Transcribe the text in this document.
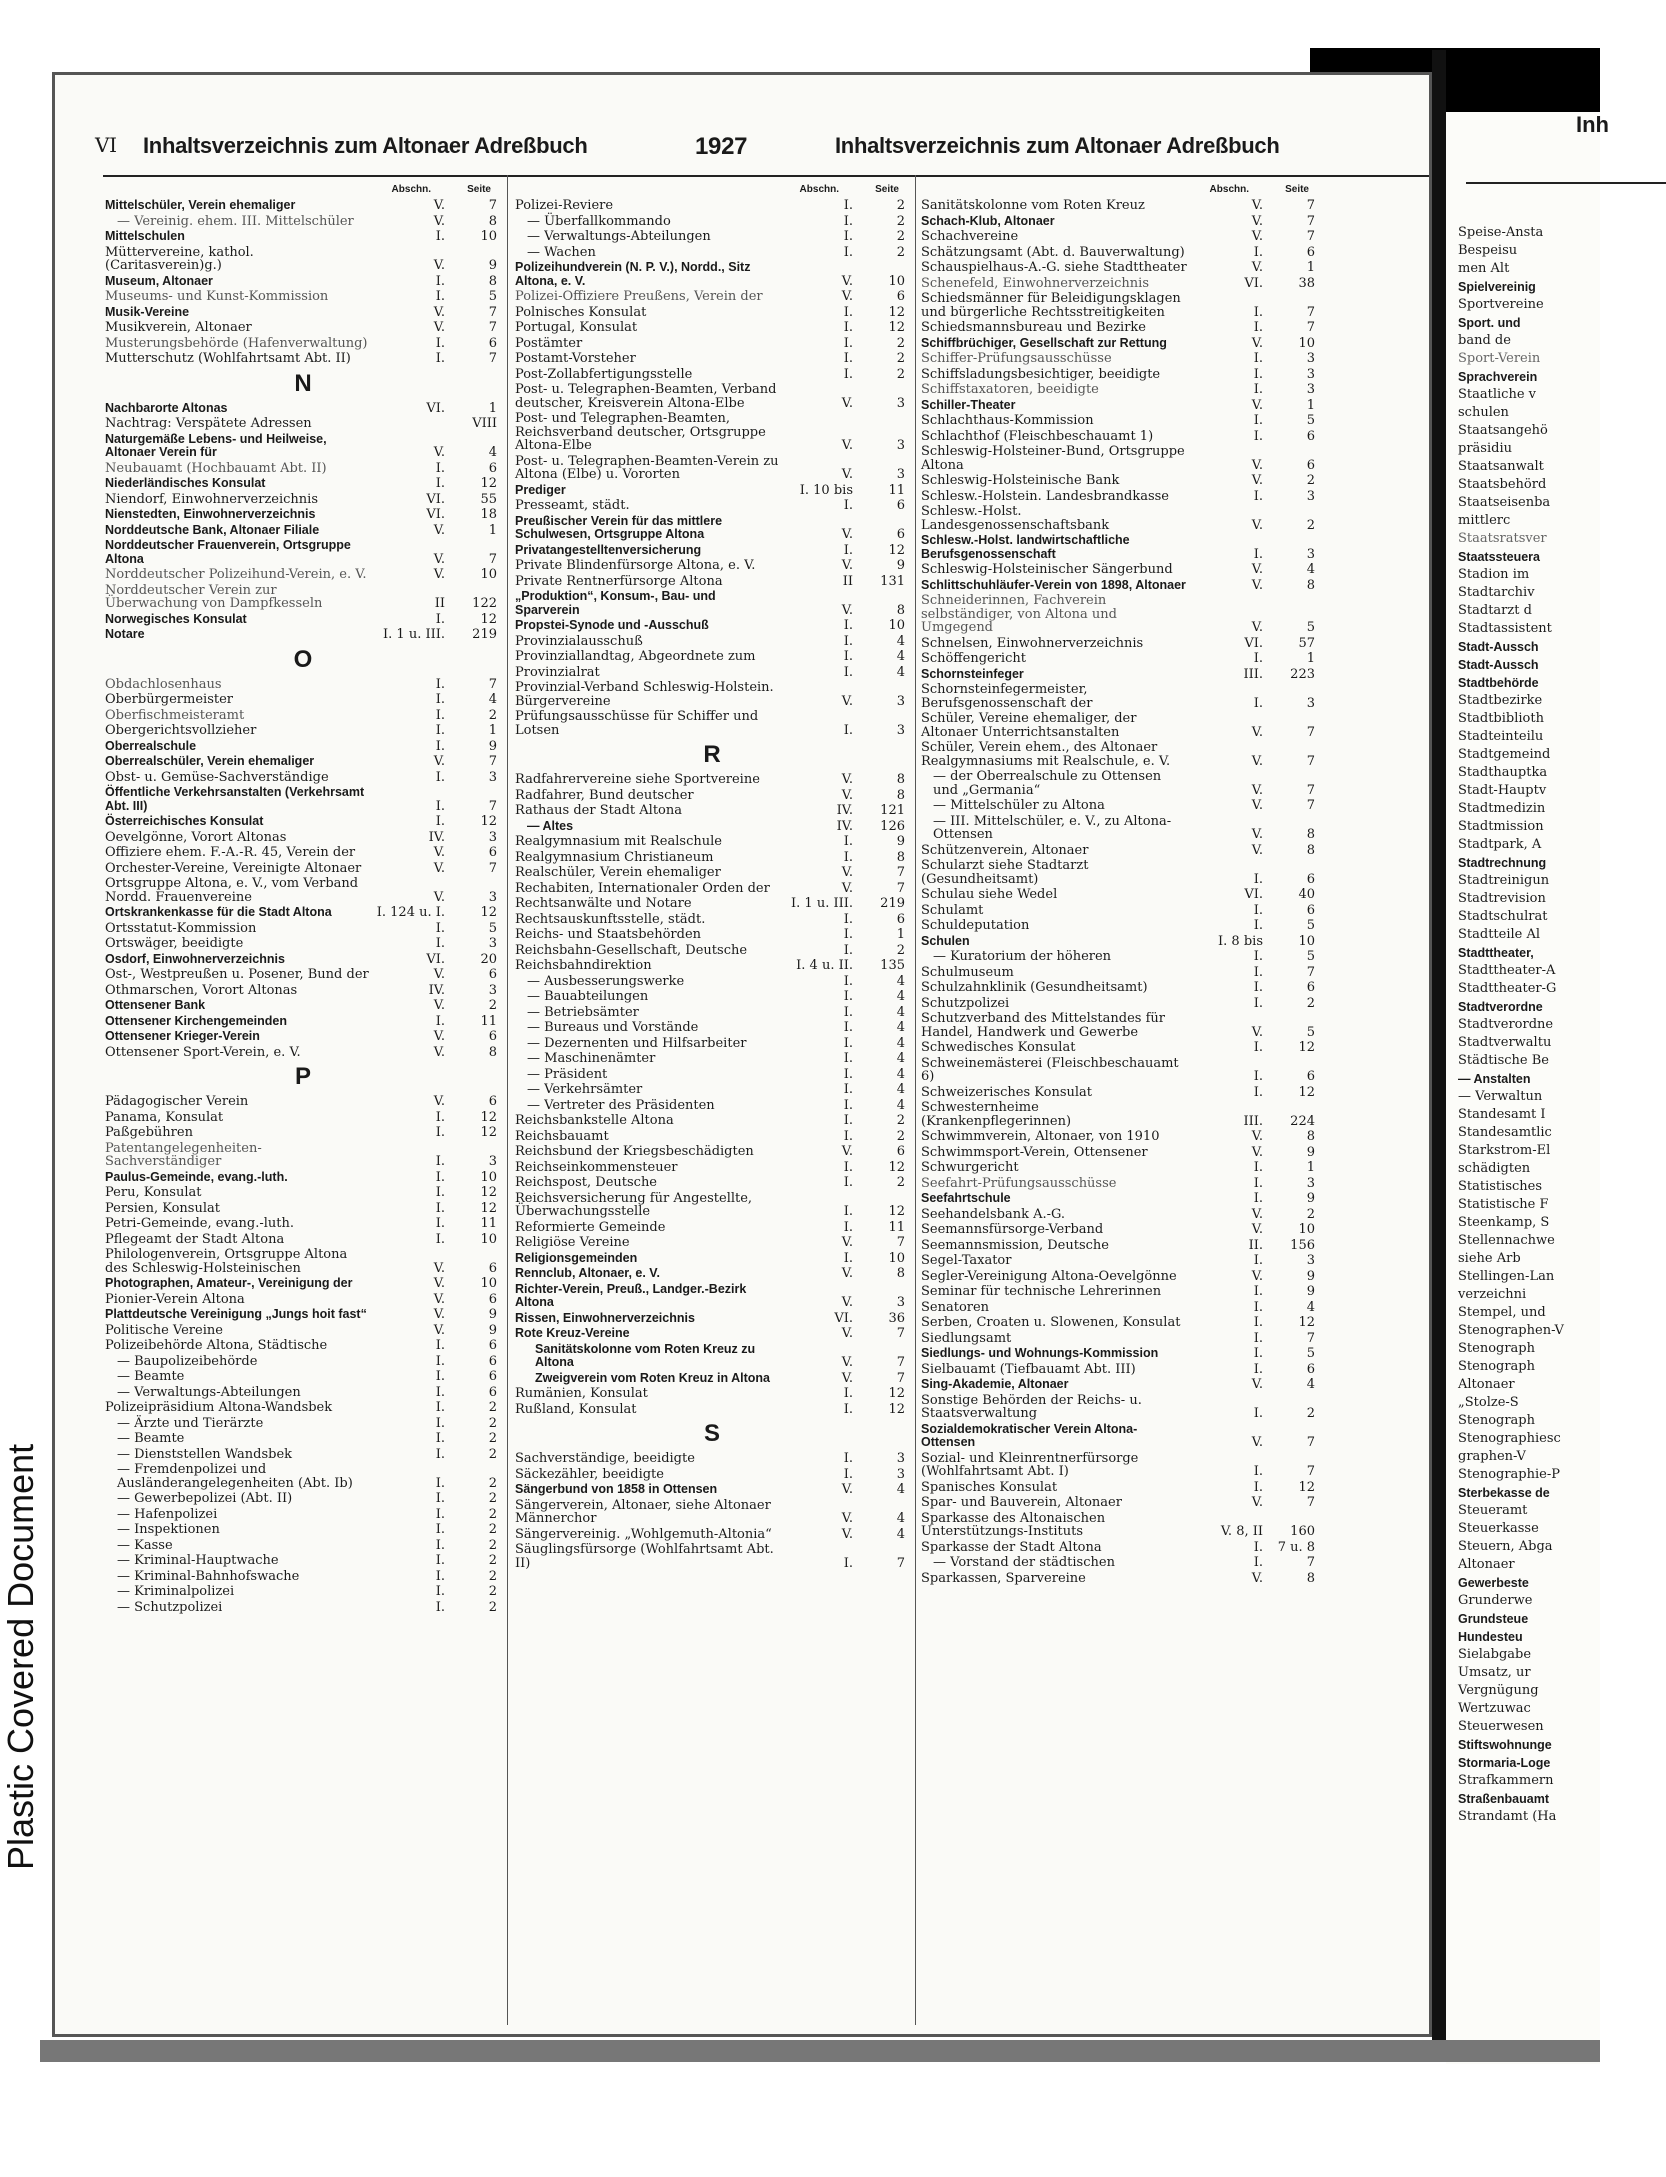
Plastic Covered Document
Inh
Speise-Ansta
Bespeisu
men Alt
Spielvereinig
Sportvereine
Sport. und
band de
Sport-Verein
Sprachverein
Staatliche v
schulen
Staatsangehö
präsidiu
Staatsanwalt
Staatsbehörd
Staatseisenba
mittlerc
Staatsratsver
Staatssteuera
Stadion im
Stadtarchiv
Stadtarzt d
Stadtassistent
Stadt-Aussch
Stadt-Aussch
Stadtbehörde
Stadtbezirke
Stadtbiblioth
Stadteinteilu
Stadtgemeind
Stadthauptka
Stadt-Hauptv
Stadtmedizin
Stadtmission
Stadtpark, A
Stadtrechnung
Stadtreinigun
Stadtrevision
Stadtschulrat
Stadtteile Al
Stadttheater,
Stadttheater-A
Stadttheater-G
Stadtverordne
Stadtverordne
Stadtverwaltu
Städtische Be
— Anstalten
— Verwaltun
Standesamt I
Standesamtlic
Starkstrom-El
schädigten
Statistisches
Statistische F
Steenkamp, S
Stellennachwe
siehe Arb
Stellingen-Lan
verzeichni
Stempel, und
Stenographen-V
Stenograph
Stenograph
Altonaer
„Stolze-S
Stenograph
Stenographiesc
graphen-V
Stenographie-P
Sterbekasse de
Steueramt
Steuerkasse
Steuern, Abga
Altonaer
Gewerbeste
Grunderwe
Grundsteue
Hundesteu
Sielabgabe
Umsatz, ur
Vergnügung
Wertzuwac
Steuerwesen
Stiftswohnunge
Stormaria-Loge
Strafkammern
Straßenbauamt
Strandamt (Ha
VI Inhaltsverzeichnis zum Altonaer Adreßbuch	1927	Inhaltsverzeichnis zum Altonaer Adreßbuch
Abschn.	Seite
Mittelschüler, Verein ehemaliger	V.	7
— Vereinig. ehem. III. Mittelschüler	V.	8
Mittelschulen	I.	10
Müttervereine, kathol. (Caritasverein)g.)	V.	9
Museum, Altonaer	I.	8
Museums- und Kunst-Kommission	I.	5
Musik-Vereine	V.	7
Musikverein, Altonaer	V.	7
Musterungsbehörde (Hafenverwaltung)	I.	6
Mutterschutz (Wohlfahrtsamt Abt. II)	I.	7
N
Nachbarorte Altonas	VI.	1
Nachtrag: Verspätete Adressen	VIII
Naturgemäße Lebens- und Heilweise, Altonaer Verein für	V.	4
Neubauamt (Hochbauamt Abt. II)	I.	6
Niederländisches Konsulat	I.	12
Niendorf, Einwohnerverzeichnis	VI.	55
Nienstedten, Einwohnerverzeichnis	VI.	18
Norddeutsche Bank, Altonaer Filiale	V.	1
Norddeutscher Frauenverein, Ortsgruppe Altona	V.	7
Norddeutscher Polizeihund-Verein, e. V.	V.	10
Norddeutscher Verein zur Überwachung von Dampfkesseln	II	122
Norwegisches Konsulat	I.	12
Notare	I. 1 u. III.	219
O
Obdachlosenhaus	I.	7
Oberbürgermeister	I.	4
Oberfischmeisteramt	I.	2
Obergerichtsvollzieher	I.	1
Oberrealschule	I.	9
Oberrealschüler, Verein ehemaliger	V.	7
Obst- u. Gemüse-Sachverständige	I.	3
Öffentliche Verkehrsanstalten (Verkehrsamt Abt. III)	I.	7
Österreichisches Konsulat	I.	12
Oevelgönne, Vorort Altonas	IV.	3
Offiziere ehem. F.-A.-R. 45, Verein der	V.	6
Orchester-Vereine, Vereinigte Altonaer	V.	7
Ortsgruppe Altona, e. V., vom Verband Nordd. Frauenvereine	V.	3
Ortskrankenkasse für die Stadt Altona	I. 124 u. I.	12
Ortsstatut-Kommission	I.	5
Ortswäger, beeidigte	I.	3
Osdorf, Einwohnerverzeichnis	VI.	20
Ost-, Westpreußen u. Posener, Bund der	V.	6
Othmarschen, Vorort Altonas	IV.	3
Ottensener Bank	V.	2
Ottensener Kirchengemeinden	I.	11
Ottensener Krieger-Verein	V.	6
Ottensener Sport-Verein, e. V.	V.	8
P
Pädagogischer Verein	V.	6
Panama, Konsulat	I.	12
Paßgebühren	I.	12
Patentangelegenheiten-Sachverständiger	I.	3
Paulus-Gemeinde, evang.-luth.	I.	10
Peru, Konsulat	I.	12
Persien, Konsulat	I.	12
Petri-Gemeinde, evang.-luth.	I.	11
Pflegeamt der Stadt Altona	I.	10
Philologenverein, Ortsgruppe Altona des Schleswig-Holsteinischen	V.	6
Photographen, Amateur-, Vereinigung der	V.	10
Pionier-Verein Altona	V.	6
Plattdeutsche Vereinigung „Jungs hoit fast“	V.	9
Politische Vereine	V.	9
Polizeibehörde Altona, Städtische	I.	6
— Baupolizeibehörde	I.	6
— Beamte	I.	6
— Verwaltungs-Abteilungen	I.	6
Polizeipräsidium Altona-Wandsbek	I.	2
— Ärzte und Tierärzte	I.	2
— Beamte	I.	2
— Dienststellen Wandsbek	I.	2
— Fremdenpolizei und Ausländerangelegenheiten (Abt. Ib)	I.	2
— Gewerbepolizei (Abt. II)	I.	2
— Hafenpolizei	I.	2
— Inspektionen	I.	2
— Kasse	I.	2
— Kriminal-Hauptwache	I.	2
— Kriminal-Bahnhofswache	I.	2
— Kriminalpolizei	I.	2
— Schutzpolizei	I.	2
Abschn.	Seite
Polizei-Reviere	I.	2
— Überfallkommando	I.	2
— Verwaltungs-Abteilungen	I.	2
— Wachen	I.	2
Polizeihundverein (N. P. V.), Nordd., Sitz Altona, e. V.	V.	10
Polizei-Offiziere Preußens, Verein der	V.	6
Polnisches Konsulat	I.	12
Portugal, Konsulat	I.	12
Postämter	I.	2
Postamt-Vorsteher	I.	2
Post-Zollabfertigungsstelle	I.	2
Post- u. Telegraphen-Beamten, Verband deutscher, Kreisverein Altona-Elbe	V.	3
Post- und Telegraphen-Beamten, Reichsverband deutscher, Ortsgruppe Altona-Elbe	V.	3
Post- u. Telegraphen-Beamten-Verein zu Altona (Elbe) u. Vororten	V.	3
Prediger	I. 10 bis	11
Presseamt, städt.	I.	6
Preußischer Verein für das mittlere Schulwesen, Ortsgruppe Altona	V.	6
Privatangestelltenversicherung	I.	12
Private Blindenfürsorge Altona, e. V.	V.	9
Private Rentnerfürsorge Altona	II	131
„Produktion“, Konsum-, Bau- und Sparverein	V.	8
Propstei-Synode und -Ausschuß	I.	10
Provinzialausschuß	I.	4
Provinziallandtag, Abgeordnete zum	I.	4
Provinzialrat	I.	4
Provinzial-Verband Schleswig-Holstein. Bürgervereine	V.	3
Prüfungsausschüsse für Schiffer und Lotsen	I.	3
R
Radfahrervereine siehe Sportvereine	V.	8
Radfahrer, Bund deutscher	V.	8
Rathaus der Stadt Altona	IV.	121
— Altes	IV.	126
Realgymnasium mit Realschule	I.	9
Realgymnasium Christianeum	I.	8
Realschüler, Verein ehemaliger	V.	7
Rechabiten, Internationaler Orden der	V.	7
Rechtsanwälte und Notare	I. 1 u. III.	219
Rechtsauskunftsstelle, städt.	I.	6
Reichs- und Staatsbehörden	I.	1
Reichsbahn-Gesellschaft, Deutsche	I.	2
Reichsbahndirektion	I. 4 u. II.	135
— Ausbesserungswerke	I.	4
— Bauabteilungen	I.	4
— Betriebsämter	I.	4
— Bureaus und Vorstände	I.	4
— Dezernenten und Hilfsarbeiter	I.	4
— Maschinenämter	I.	4
— Präsident	I.	4
— Verkehrsämter	I.	4
— Vertreter des Präsidenten	I.	4
Reichsbankstelle Altona	I.	2
Reichsbauamt	I.	2
Reichsbund der Kriegsbeschädigten	V.	6
Reichseinkommensteuer	I.	12
Reichspost, Deutsche	I.	2
Reichsversicherung für Angestellte, Überwachungsstelle	I.	12
Reformierte Gemeinde	I.	11
Religiöse Vereine	V.	7
Religionsgemeinden	I.	10
Rennclub, Altonaer, e. V.	V.	8
Richter-Verein, Preuß., Landger.-Bezirk Altona	V.	3
Rissen, Einwohnerverzeichnis	VI.	36
Rote Kreuz-Vereine	V.	7
Sanitätskolonne vom Roten Kreuz zu Altona	V.	7
Zweigverein vom Roten Kreuz in Altona	V.	7
Rumänien, Konsulat	I.	12
Rußland, Konsulat	I.	12
S
Sachverständige, beeidigte	I.	3
Säckezähler, beeidigte	I.	3
Sängerbund von 1858 in Ottensen	V.	4
Sängerverein, Altonaer, siehe Altonaer Männerchor	V.	4
Sängervereinig. „Wohlgemuth-Altonia“	V.	4
Säuglingsfürsorge (Wohlfahrtsamt Abt. II)	I.	7
Abschn.	Seite
Sanitätskolonne vom Roten Kreuz	V.	7
Schach-Klub, Altonaer	V.	7
Schachvereine	V.	7
Schätzungsamt (Abt. d. Bauverwaltung)	I.	6
Schauspielhaus-A.-G. siehe Stadttheater	V.	1
Schenefeld, Einwohnerverzeichnis	VI.	38
Schiedsmänner für Beleidigungsklagen und bürgerliche Rechtsstreitigkeiten	I.	7
Schiedsmannsbureau und Bezirke	I.	7
Schiffbrüchiger, Gesellschaft zur Rettung	V.	10
Schiffer-Prüfungsausschüsse	I.	3
Schiffsladungsbesichtiger, beeidigte	I.	3
Schiffstaxatoren, beeidigte	I.	3
Schiller-Theater	V.	1
Schlachthaus-Kommission	I.	5
Schlachthof (Fleischbeschauamt 1)	I.	6
Schleswig-Holsteiner-Bund, Ortsgruppe Altona	V.	6
Schleswig-Holsteinische Bank	V.	2
Schlesw.-Holstein. Landesbrandkasse	I.	3
Schlesw.-Holst. Landesgenossenschaftsbank	V.	2
Schlesw.-Holst. landwirtschaftliche Berufsgenossenschaft	I.	3
Schleswig-Holsteinischer Sängerbund	V.	4
Schlittschuhläufer-Verein von 1898, Altonaer	V.	8
Schneiderinnen, Fachverein selbständiger, von Altona und Umgegend	V.	5
Schnelsen, Einwohnerverzeichnis	VI.	57
Schöffengericht	I.	1
Schornsteinfeger	III.	223
Schornsteinfegermeister, Berufsgenossenschaft der	I.	3
Schüler, Vereine ehemaliger, der Altonaer Unterrichtsanstalten	V.	7
Schüler, Verein ehem., des Altonaer Realgymnasiums mit Realschule, e. V.	V.	7
— der Oberrealschule zu Ottensen und „Germania“	V.	7
— Mittelschüler zu Altona	V.	7
— III. Mittelschüler, e. V., zu Altona-Ottensen	V.	8
Schützenverein, Altonaer	V.	8
Schularzt siehe Stadtarzt (Gesundheitsamt)	I.	6
Schulau siehe Wedel	VI.	40
Schulamt	I.	6
Schuldeputation	I.	5
Schulen	I. 8 bis	10
— Kuratorium der höheren	I.	5
Schulmuseum	I.	7
Schulzahnklinik (Gesundheitsamt)	I.	6
Schutzpolizei	I.	2
Schutzverband des Mittelstandes für Handel, Handwerk und Gewerbe	V.	5
Schwedisches Konsulat	I.	12
Schweinemästerei (Fleischbeschauamt 6)	I.	6
Schweizerisches Konsulat	I.	12
Schwesternheime (Krankenpflegerinnen)	III.	224
Schwimmverein, Altonaer, von 1910	V.	8
Schwimmsport-Verein, Ottensener	V.	9
Schwurgericht	I.	1
Seefahrt-Prüfungsausschüsse	I.	3
Seefahrtschule	I.	9
Seehandelsbank A.-G.	V.	2
Seemannsfürsorge-Verband	V.	10
Seemannsmission, Deutsche	II.	156
Segel-Taxator	I.	3
Segler-Vereinigung Altona-Oevelgönne	V.	9
Seminar für technische Lehrerinnen	I.	9
Senatoren	I.	4
Serben, Croaten u. Slowenen, Konsulat	I.	12
Siedlungsamt	I.	7
Siedlungs- und Wohnungs-Kommission	I.	5
Sielbauamt (Tiefbauamt Abt. III)	I.	6
Sing-Akademie, Altonaer	V.	4
Sonstige Behörden der Reichs- u. Staatsverwaltung	I.	2
Sozialdemokratischer Verein Altona-Ottensen	V.	7
Sozial- und Kleinrentnerfürsorge (Wohlfahrtsamt Abt. I)	I.	7
Spanisches Konsulat	I.	12
Spar- und Bauverein, Altonaer	V.	7
Sparkasse des Altonaischen Unterstützungs-Instituts	V. 8, II	160
Sparkasse der Stadt Altona	I.	7 u. 8
— Vorstand der städtischen	I.	7
Sparkassen, Sparvereine	V.	8
